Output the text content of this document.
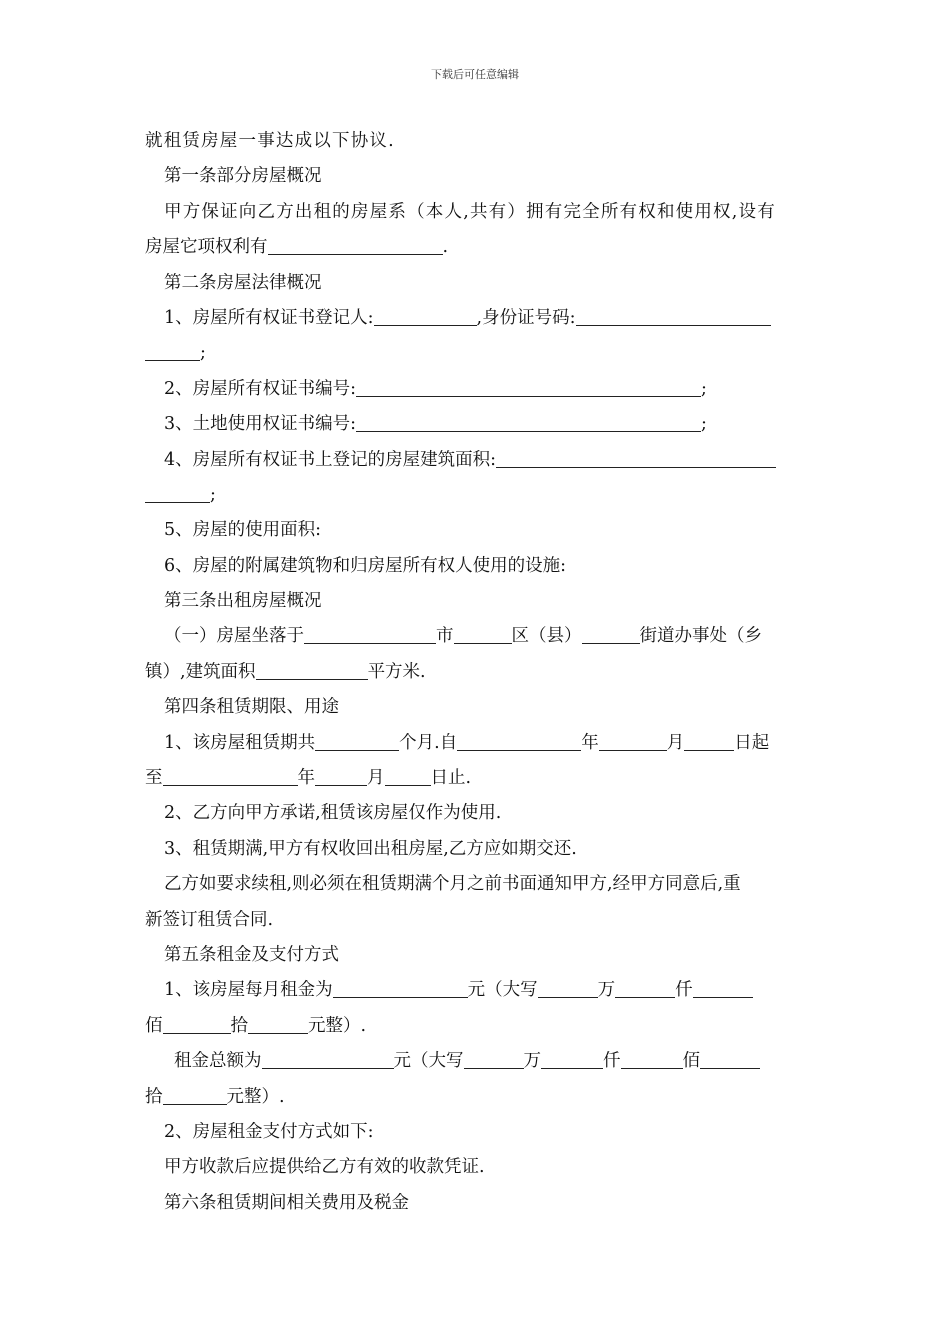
下载后可任意编辑
就租赁房屋一事达成以下协议.
第一条部分房屋概况
甲方保证向乙方出租的房屋系（本人,共有）拥有完全所有权和使用权,设有
房屋它项权利有	.
第二条房屋法律概况
1、房屋所有权证书登记人:	,身份证号码:
;
2、房屋所有权证书编号:	;
3、土地使用权证书编号:	;
4、房屋所有权证书上登记的房屋建筑面积:
;
5、房屋的使用面积:
6、房屋的附属建筑物和归房屋所有权人使用的设施:
第三条出租房屋概况
（一）房屋坐落于	市	区（县）	街道办事处（乡
镇）,建筑面积	平方米.
第四条租赁期限、用途
1、该房屋租赁期共	个月.自	年	月	日起
至	年	月	日止.
2、乙方向甲方承诺,租赁该房屋仅作为使用.
3、租赁期满,甲方有权收回出租房屋,乙方应如期交还.
乙方如要求续租,则必须在租赁期满个月之前书面通知甲方,经甲方同意后,重
新签订租赁合同.
第五条租金及支付方式
1、该房屋每月租金为	元（大写	万	仟
佰	拾	元整）.
租金总额为	元（大写	万	仟	佰
拾	元整）.
2、房屋租金支付方式如下:
甲方收款后应提供给乙方有效的收款凭证.
第六条租赁期间相关费用及税金
